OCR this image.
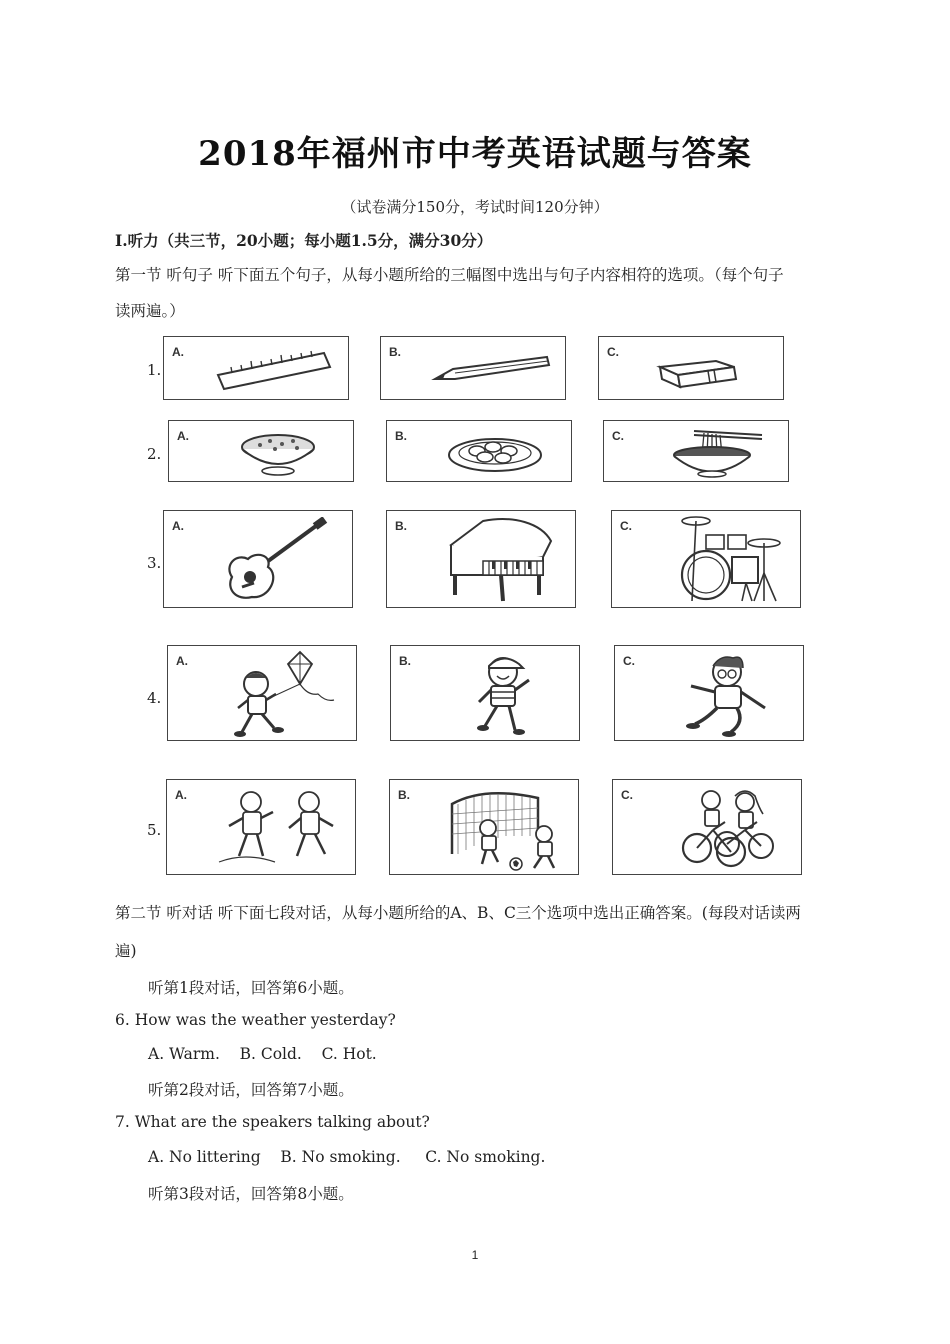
2018年福州市中考英语试题与答案
（试卷满分150分，考试时间120分钟）
I.听力（共三节，20小题；每小题1.5分，满分30分）
第一节 听句子 听下面五个句子，从每小题所给的三幅图中选出与句子内容相符的选项。（每个句子
读两遍。）
1.
A.	B.	C.
2.
A.	B.	C.
3.
A.	B.	C.
4.
A.	B.	C.
5.
A.	B.	C.
第二节 听对话 听下面七段对话，从每小题所给的A、B、C三个选项中选出正确答案。(每段对话读两
遍)
听第1段对话，回答第6小题。
6. How was the weather yesterday?
A. Warm.    B. Cold.    C. Hot.
听第2段对话，回答第7小题。
7. What are the speakers talking about?
A. No littering    B. No smoking.     C. No smoking.
听第3段对话，回答第8小题。
1
